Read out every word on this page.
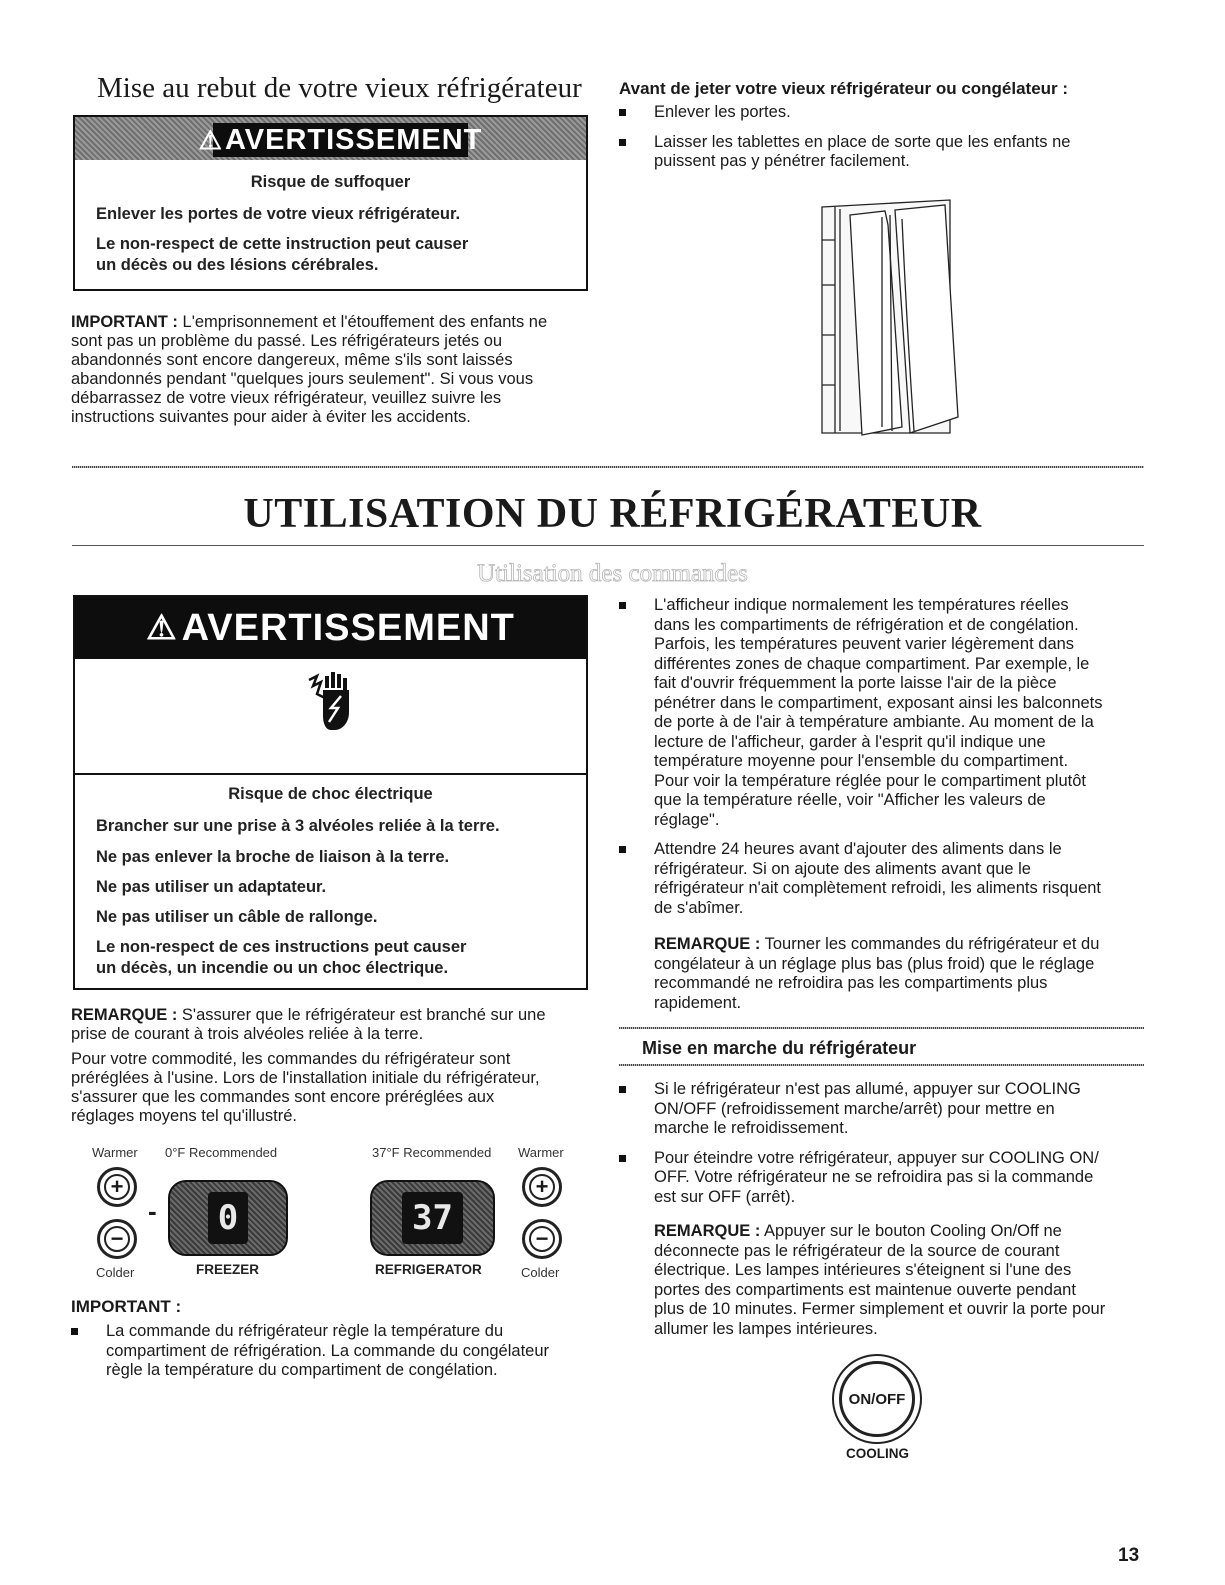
Mise au rebut de votre vieux réfrigérateur
⚠ AVERTISSEMENT
Risque de suffoquer
Enlever les portes de votre vieux réfrigérateur.
Le non-respect de cette instruction peut causer
un décès ou des lésions cérébrales.
IMPORTANT : L'emprisonnement et l'étouffement des enfants ne
sont pas un problème du passé. Les réfrigérateurs jetés ou
abandonnés sont encore dangereux, même s'ils sont laissés
abandonnés pendant "quelques jours seulement". Si vous vous
débarrassez de votre vieux réfrigérateur, veuillez suivre les
instructions suivantes pour aider à éviter les accidents.
Avant de jeter votre vieux réfrigérateur ou congélateur :
Enlever les portes.
Laisser les tablettes en place de sorte que les enfants ne
puissent pas y pénétrer facilement.
UTILISATION DU RÉFRIGÉRATEUR
Utilisation des commandes
⚠ AVERTISSEMENT
Risque de choc électrique
Brancher sur une prise à 3 alvéoles reliée à la terre.
Ne pas enlever la broche de liaison à la terre.
Ne pas utiliser un adaptateur.
Ne pas utiliser un câble de rallonge.
Le non-respect de ces instructions peut causer
un décès, un incendie ou un choc électrique.
REMARQUE : S'assurer que le réfrigérateur est branché sur une
prise de courant à trois alvéoles reliée à la terre.
Pour votre commodité, les commandes du réfrigérateur sont
préréglées à l'usine. Lors de l'installation initiale du réfrigérateur,
s'assurer que les commandes sont encore préréglées aux
réglages moyens tel qu'illustré.
Warmer 0°F Recommended	37°F Recommended Warmer
+
−
- 0	37
+
−
Colder	FREEZER	REFRIGERATOR	Colder
IMPORTANT :
La commande du réfrigérateur règle la température du
compartiment de réfrigération. La commande du congélateur
règle la température du compartiment de congélation.
L'afficheur indique normalement les températures réelles
dans les compartiments de réfrigération et de congélation.
Parfois, les températures peuvent varier légèrement dans
différentes zones de chaque compartiment. Par exemple, le
fait d'ouvrir fréquemment la porte laisse l'air de la pièce
pénétrer dans le compartiment, exposant ainsi les balconnets
de porte à de l'air à température ambiante. Au moment de la
lecture de l'afficheur, garder à l'esprit qu'il indique une
température moyenne pour l'ensemble du compartiment.
Pour voir la température réglée pour le compartiment plutôt
que la température réelle, voir "Afficher les valeurs de
réglage".
Attendre 24 heures avant d'ajouter des aliments dans le
réfrigérateur. Si on ajoute des aliments avant que le
réfrigérateur n'ait complètement refroidi, les aliments risquent
de s'abîmer.
REMARQUE : Tourner les commandes du réfrigérateur et du
congélateur à un réglage plus bas (plus froid) que le réglage
recommandé ne refroidira pas les compartiments plus
rapidement.
Mise en marche du réfrigérateur
Si le réfrigérateur n'est pas allumé, appuyer sur COOLING
ON/OFF (refroidissement marche/arrêt) pour mettre en
marche le refroidissement.
Pour éteindre votre réfrigérateur, appuyer sur COOLING ON/
OFF. Votre réfrigérateur ne se refroidira pas si la commande
est sur OFF (arrêt).
REMARQUE : Appuyer sur le bouton Cooling On/Off ne
déconnecte pas le réfrigérateur de la source de courant
électrique. Les lampes intérieures s'éteignent si l'une des
portes des compartiments est maintenue ouverte pendant
plus de 10 minutes. Fermer simplement et ouvrir la porte pour
allumer les lampes intérieures.
ON/OFF
COOLING
13
